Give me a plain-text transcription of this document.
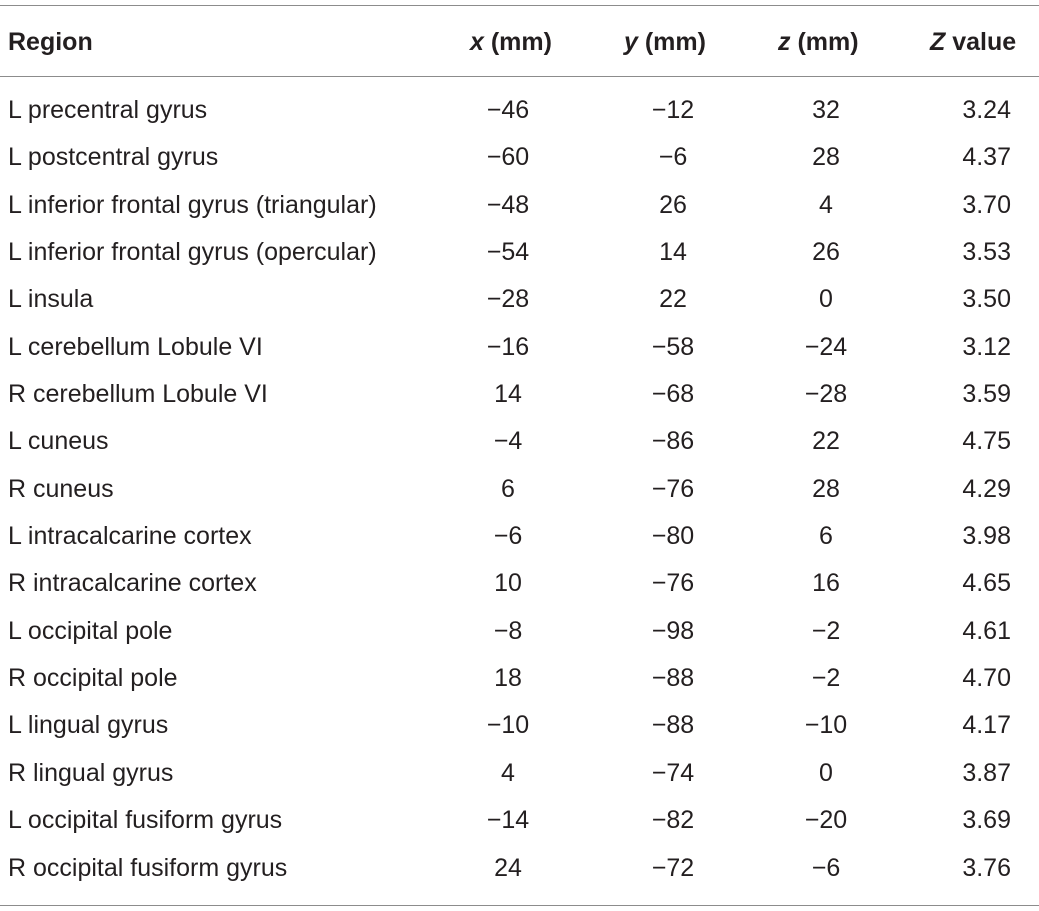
Region	x (mm)	y (mm)	z (mm)	Z value
L precentral gyrus	−46	−12	32	3.24
L postcentral gyrus	−60	−6	28	4.37
L inferior frontal gyrus (triangular)	−48	26	4	3.70
L inferior frontal gyrus (opercular)	−54	14	26	3.53
L insula	−28	22	0	3.50
L cerebellum Lobule VI	−16	−58	−24	3.12
R cerebellum Lobule VI	14	−68	−28	3.59
L cuneus	−4	−86	22	4.75
R cuneus	6	−76	28	4.29
L intracalcarine cortex	−6	−80	6	3.98
R intracalcarine cortex	10	−76	16	4.65
L occipital pole	−8	−98	−2	4.61
R occipital pole	18	−88	−2	4.70
L lingual gyrus	−10	−88	−10	4.17
R lingual gyrus	4	−74	0	3.87
L occipital fusiform gyrus	−14	−82	−20	3.69
R occipital fusiform gyrus	24	−72	−6	3.76
